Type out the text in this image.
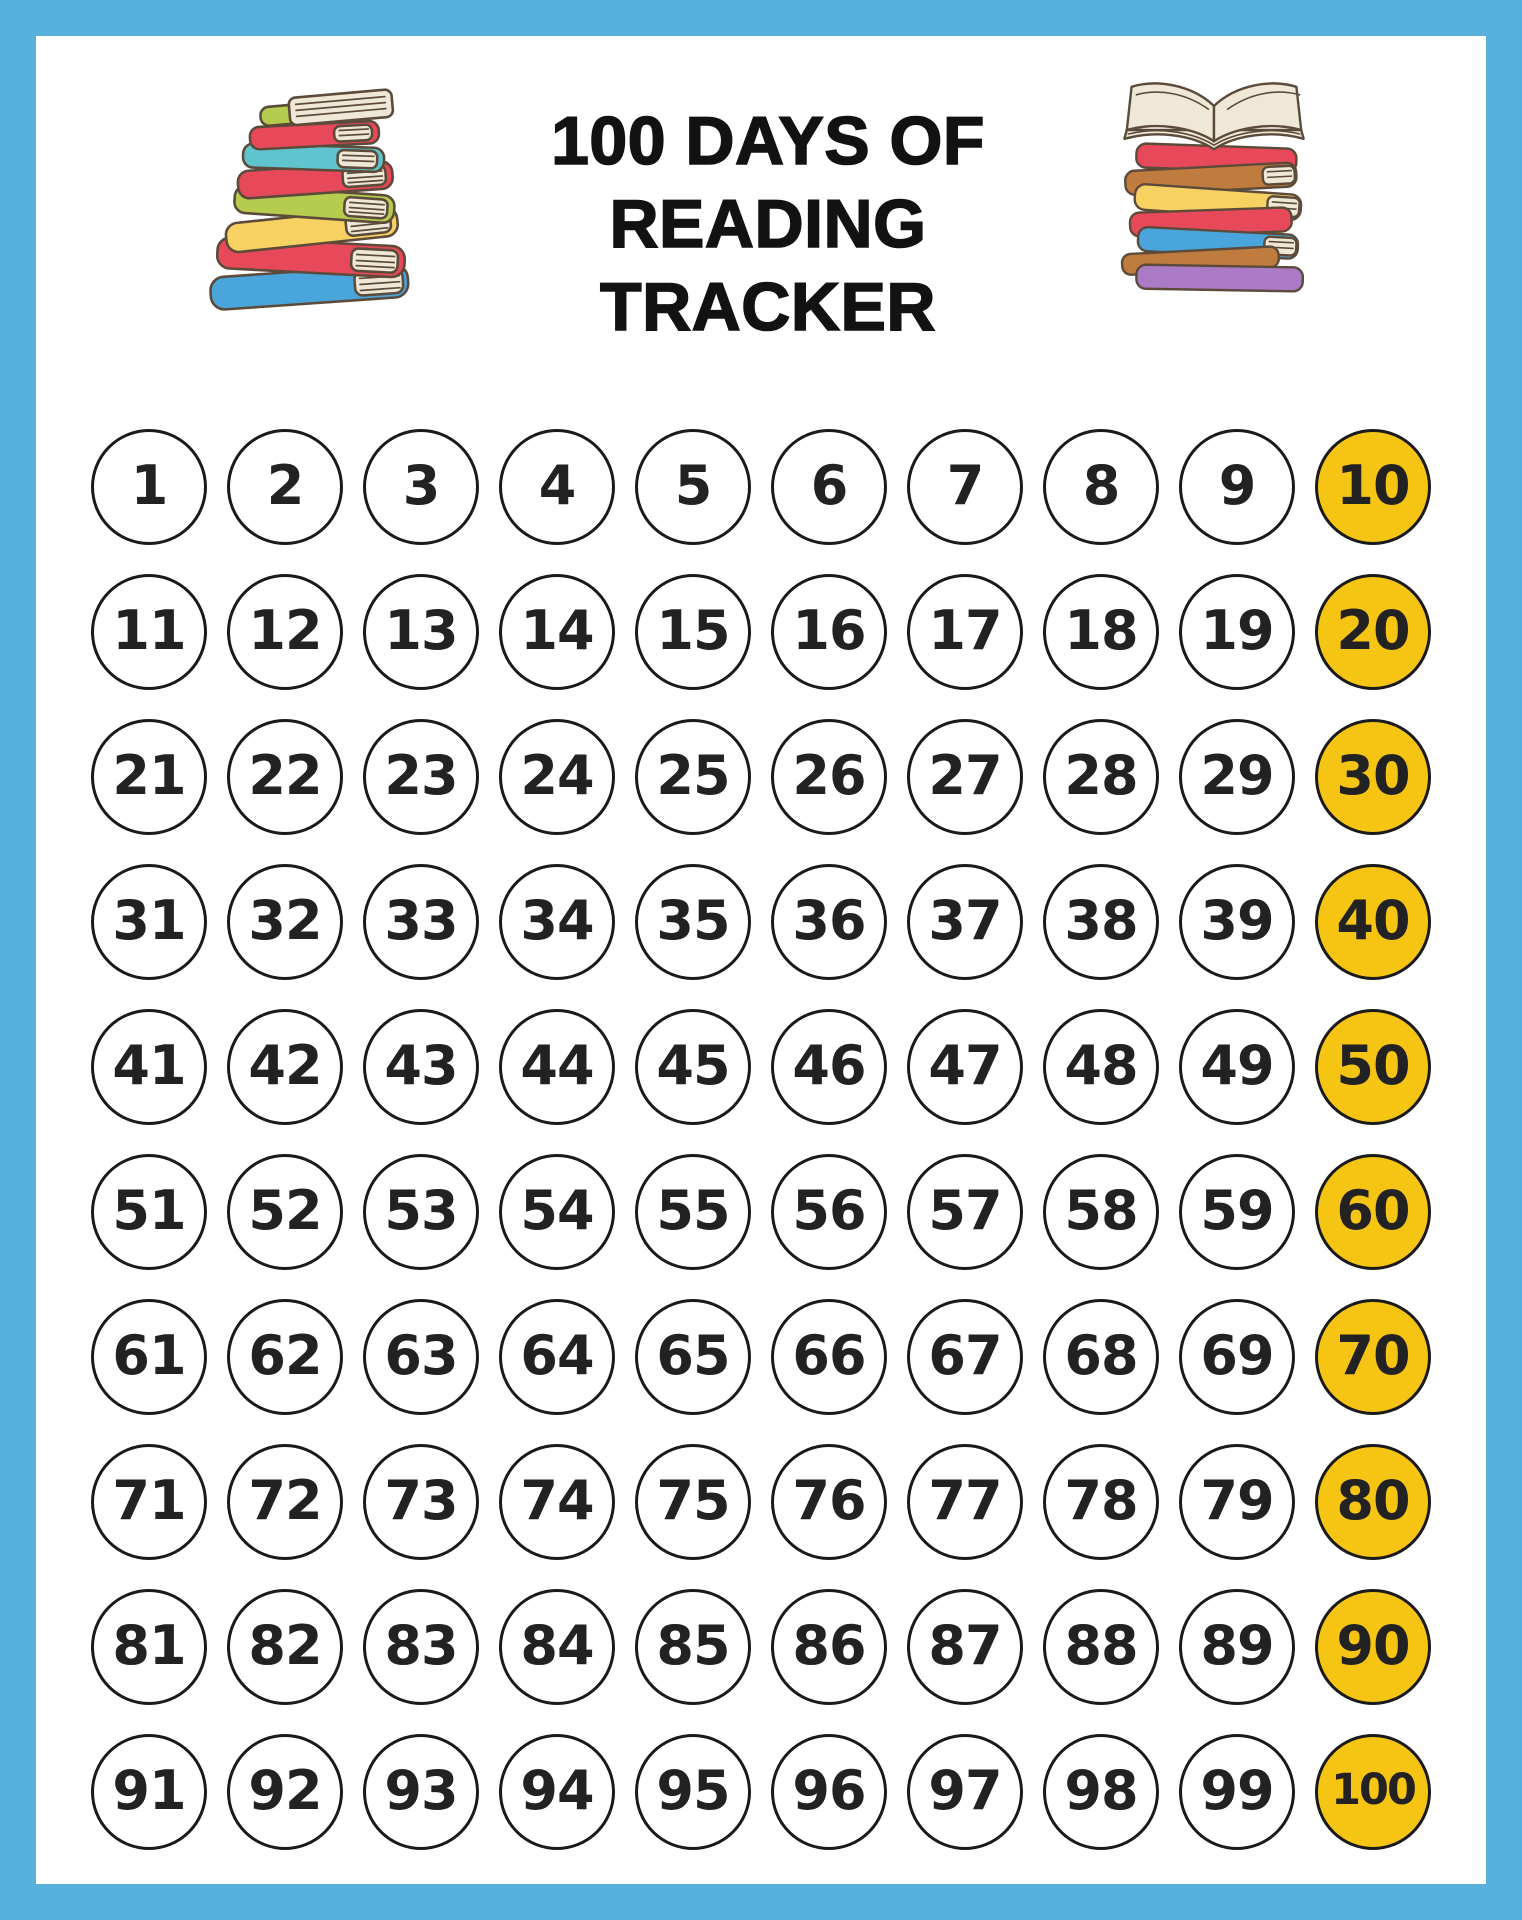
100 DAYS OF
READING TRACKER
1 2 3 4 5 6 7 8 9 10
11 12 13 14 15 16 17 18 19 20
21 22 23 24 25 26 27 28 29 30
31 32 33 34 35 36 37 38 39 40
41 42 43 44 45 46 47 48 49 50
51 52 53 54 55 56 57 58 59 60
61 62 63 64 65 66 67 68 69 70
71 72 73 74 75 76 77 78 79 80
81 82 83 84 85 86 87 88 89 90
91 92 93 94 95 96 97 98 99 100
